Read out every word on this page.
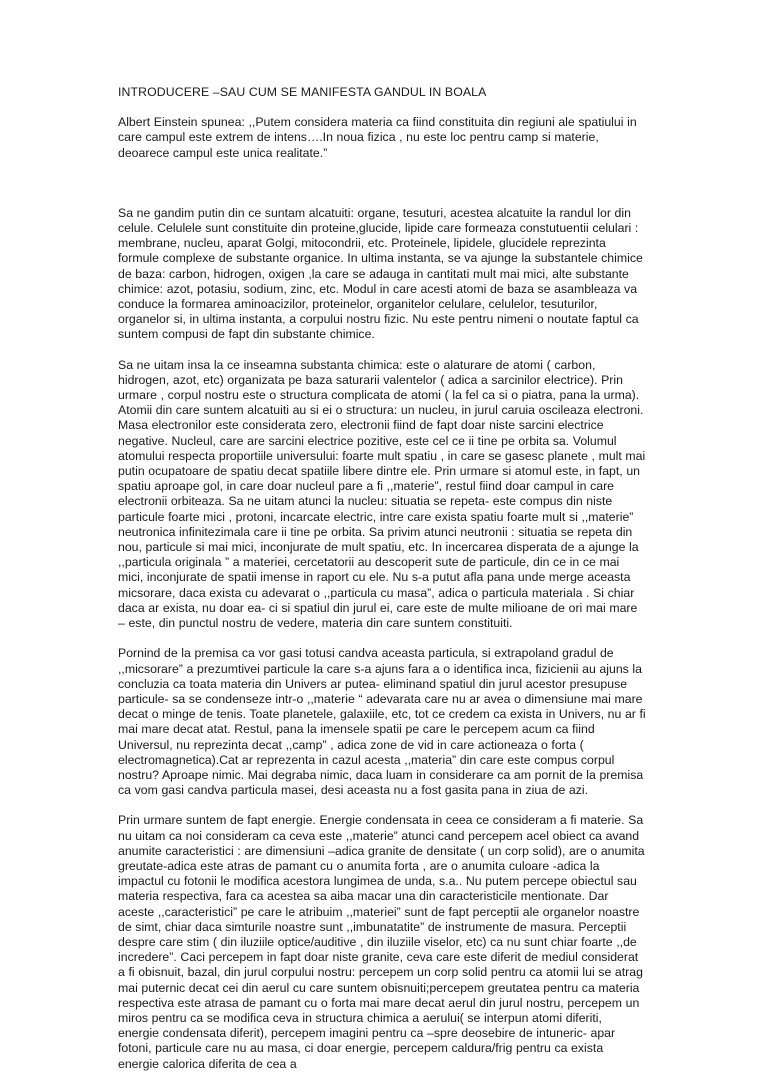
INTRODUCERE –SAU CUM SE MANIFESTA GANDUL IN BOALA

Albert Einstein spunea: ,,Putem considera materia ca fiind constituita din regiuni ale spatiului in care campul este extrem de intens….In noua fizica , nu este loc pentru camp si materie, deoarece campul este unica realitate.”

Sa ne gandim putin din ce suntam alcatuiti: organe, tesuturi, acestea alcatuite la randul lor din celule. Celulele sunt constituite din proteine,glucide, lipide care formeaza constutuentii celulari : membrane, nucleu, aparat Golgi, mitocondrii, etc. Proteinele, lipidele, glucidele reprezinta formule complexe de substante organice. In ultima instanta, se va ajunge la substantele chimice de baza: carbon, hidrogen, oxigen ,la care se adauga in cantitati mult mai mici, alte substante chimice: azot, potasiu, sodium, zinc, etc. Modul in care acesti atomi de baza se asambleaza va conduce la formarea aminoacizilor, proteinelor, organitelor celulare, celulelor, tesuturilor, organelor si, in ultima instanta, a corpului nostru fizic. Nu este pentru nimeni o noutate faptul ca suntem compusi de fapt din substante chimice.

Sa ne uitam insa la ce inseamna substanta chimica: este o alaturare de atomi ( carbon, hidrogen, azot, etc) organizata pe baza saturarii valentelor ( adica a sarcinilor electrice). Prin urmare , corpul nostru este o structura complicata de atomi ( la fel ca si o piatra, pana la urma). Atomii din care suntem alcatuiti au si ei o structura: un nucleu, in jurul caruia oscileaza electroni. Masa electronilor este considerata zero, electronii fiind de fapt doar niste sarcini electrice negative. Nucleul, care are sarcini electrice pozitive, este cel ce ii tine pe orbita sa. Volumul atomului respecta proportiile universului: foarte mult spatiu , in care se gasesc planete , mult mai putin ocupatoare de spatiu decat spatiile libere dintre ele. Prin urmare si atomul este, in fapt, un spatiu aproape gol, in care doar nucleul pare a fi ,,materie”, restul fiind doar campul in care electronii orbiteaza. Sa ne uitam atunci la nucleu: situatia se repeta- este compus din niste particule foarte mici , protoni, incarcate electric, intre care exista spatiu foarte mult si ,,materie” neutronica infinitezimala care ii tine pe orbita. Sa privim atunci neutronii : situatia se repeta din nou, particule si mai mici, inconjurate de mult spatiu, etc. In incercarea disperata de a ajunge la ,,particula originala ” a materiei, cercetatorii au descoperit sute de particule, din ce in ce mai mici, inconjurate de spatii imense in raport cu ele. Nu s-a putut afla pana unde merge aceasta micsorare, daca exista cu adevarat o ,,particula cu masa”, adica o particula materiala . Si chiar daca ar exista, nu doar ea- ci si spatiul din jurul ei, care este de multe milioane de ori mai mare – este, din punctul nostru de vedere, materia din care suntem constituiti.

Pornind de la premisa ca vor gasi totusi candva aceasta particula, si extrapoland gradul de ,,micsorare” a prezumtivei particule la care s-a ajuns fara a o identifica inca, fizicienii au ajuns la concluzia ca toata materia din Univers ar putea- eliminand spatiul din jurul acestor presupuse particule- sa se condenseze intr-o ,,materie “ adevarata care nu ar avea o dimensiune mai mare decat o minge de tenis. Toate planetele, galaxiile, etc, tot ce credem ca exista in Univers, nu ar fi mai mare decat atat. Restul, pana la imensele spatii pe care le percepem acum ca fiind Universul, nu reprezinta decat ,,camp” , adica zone de vid in care actioneaza o forta ( electromagnetica).Cat ar reprezenta in cazul acesta ,,materia” din care este compus corpul nostru? Aproape nimic. Mai degraba nimic, daca luam in considerare ca am pornit de la premisa ca vom gasi candva particula masei, desi aceasta nu a fost gasita pana in ziua de azi.

Prin urmare suntem de fapt energie. Energie condensata in ceea ce consideram a fi materie. Sa nu uitam ca noi consideram ca ceva este ,,materie” atunci cand percepem acel obiect ca avand anumite caracteristici : are dimensiuni –adica granite de densitate ( un corp solid), are o anumita greutate-adica este atras de pamant cu o anumita forta , are o anumita culoare -adica la impactul cu fotonii le modifica acestora lungimea de unda, s.a.. Nu putem percepe obiectul sau materia respectiva, fara ca acestea sa aiba macar una din caracteristicile mentionate. Dar aceste ,,caracteristici” pe care le atribuim ,,materiei” sunt de fapt perceptii ale organelor noastre de simt, chiar daca simturile noastre sunt ,,imbunatatite” de instrumente de masura. Perceptii despre care stim ( din iluziile optice/auditive , din iluziile viselor, etc) ca nu sunt chiar foarte ,,de incredere”. Caci percepem in fapt doar niste granite, ceva care este diferit de mediul considerat a fi obisnuit, bazal, din jurul corpului nostru: percepem un corp solid pentru ca atomii lui se atrag mai puternic decat cei din aerul cu care suntem obisnuiti;percepem greutatea pentru ca materia respectiva este atrasa de pamant cu o forta mai mare decat aerul din jurul nostru, percepem un miros pentru ca se modifica ceva in structura chimica a aerului( se interpun atomi diferiti, energie condensata diferit), percepem imagini pentru ca –spre deosebire de intuneric- apar fotoni, particule care nu au masa, ci doar energie, percepem caldura/frig pentru ca exista energie calorica diferita de cea a
